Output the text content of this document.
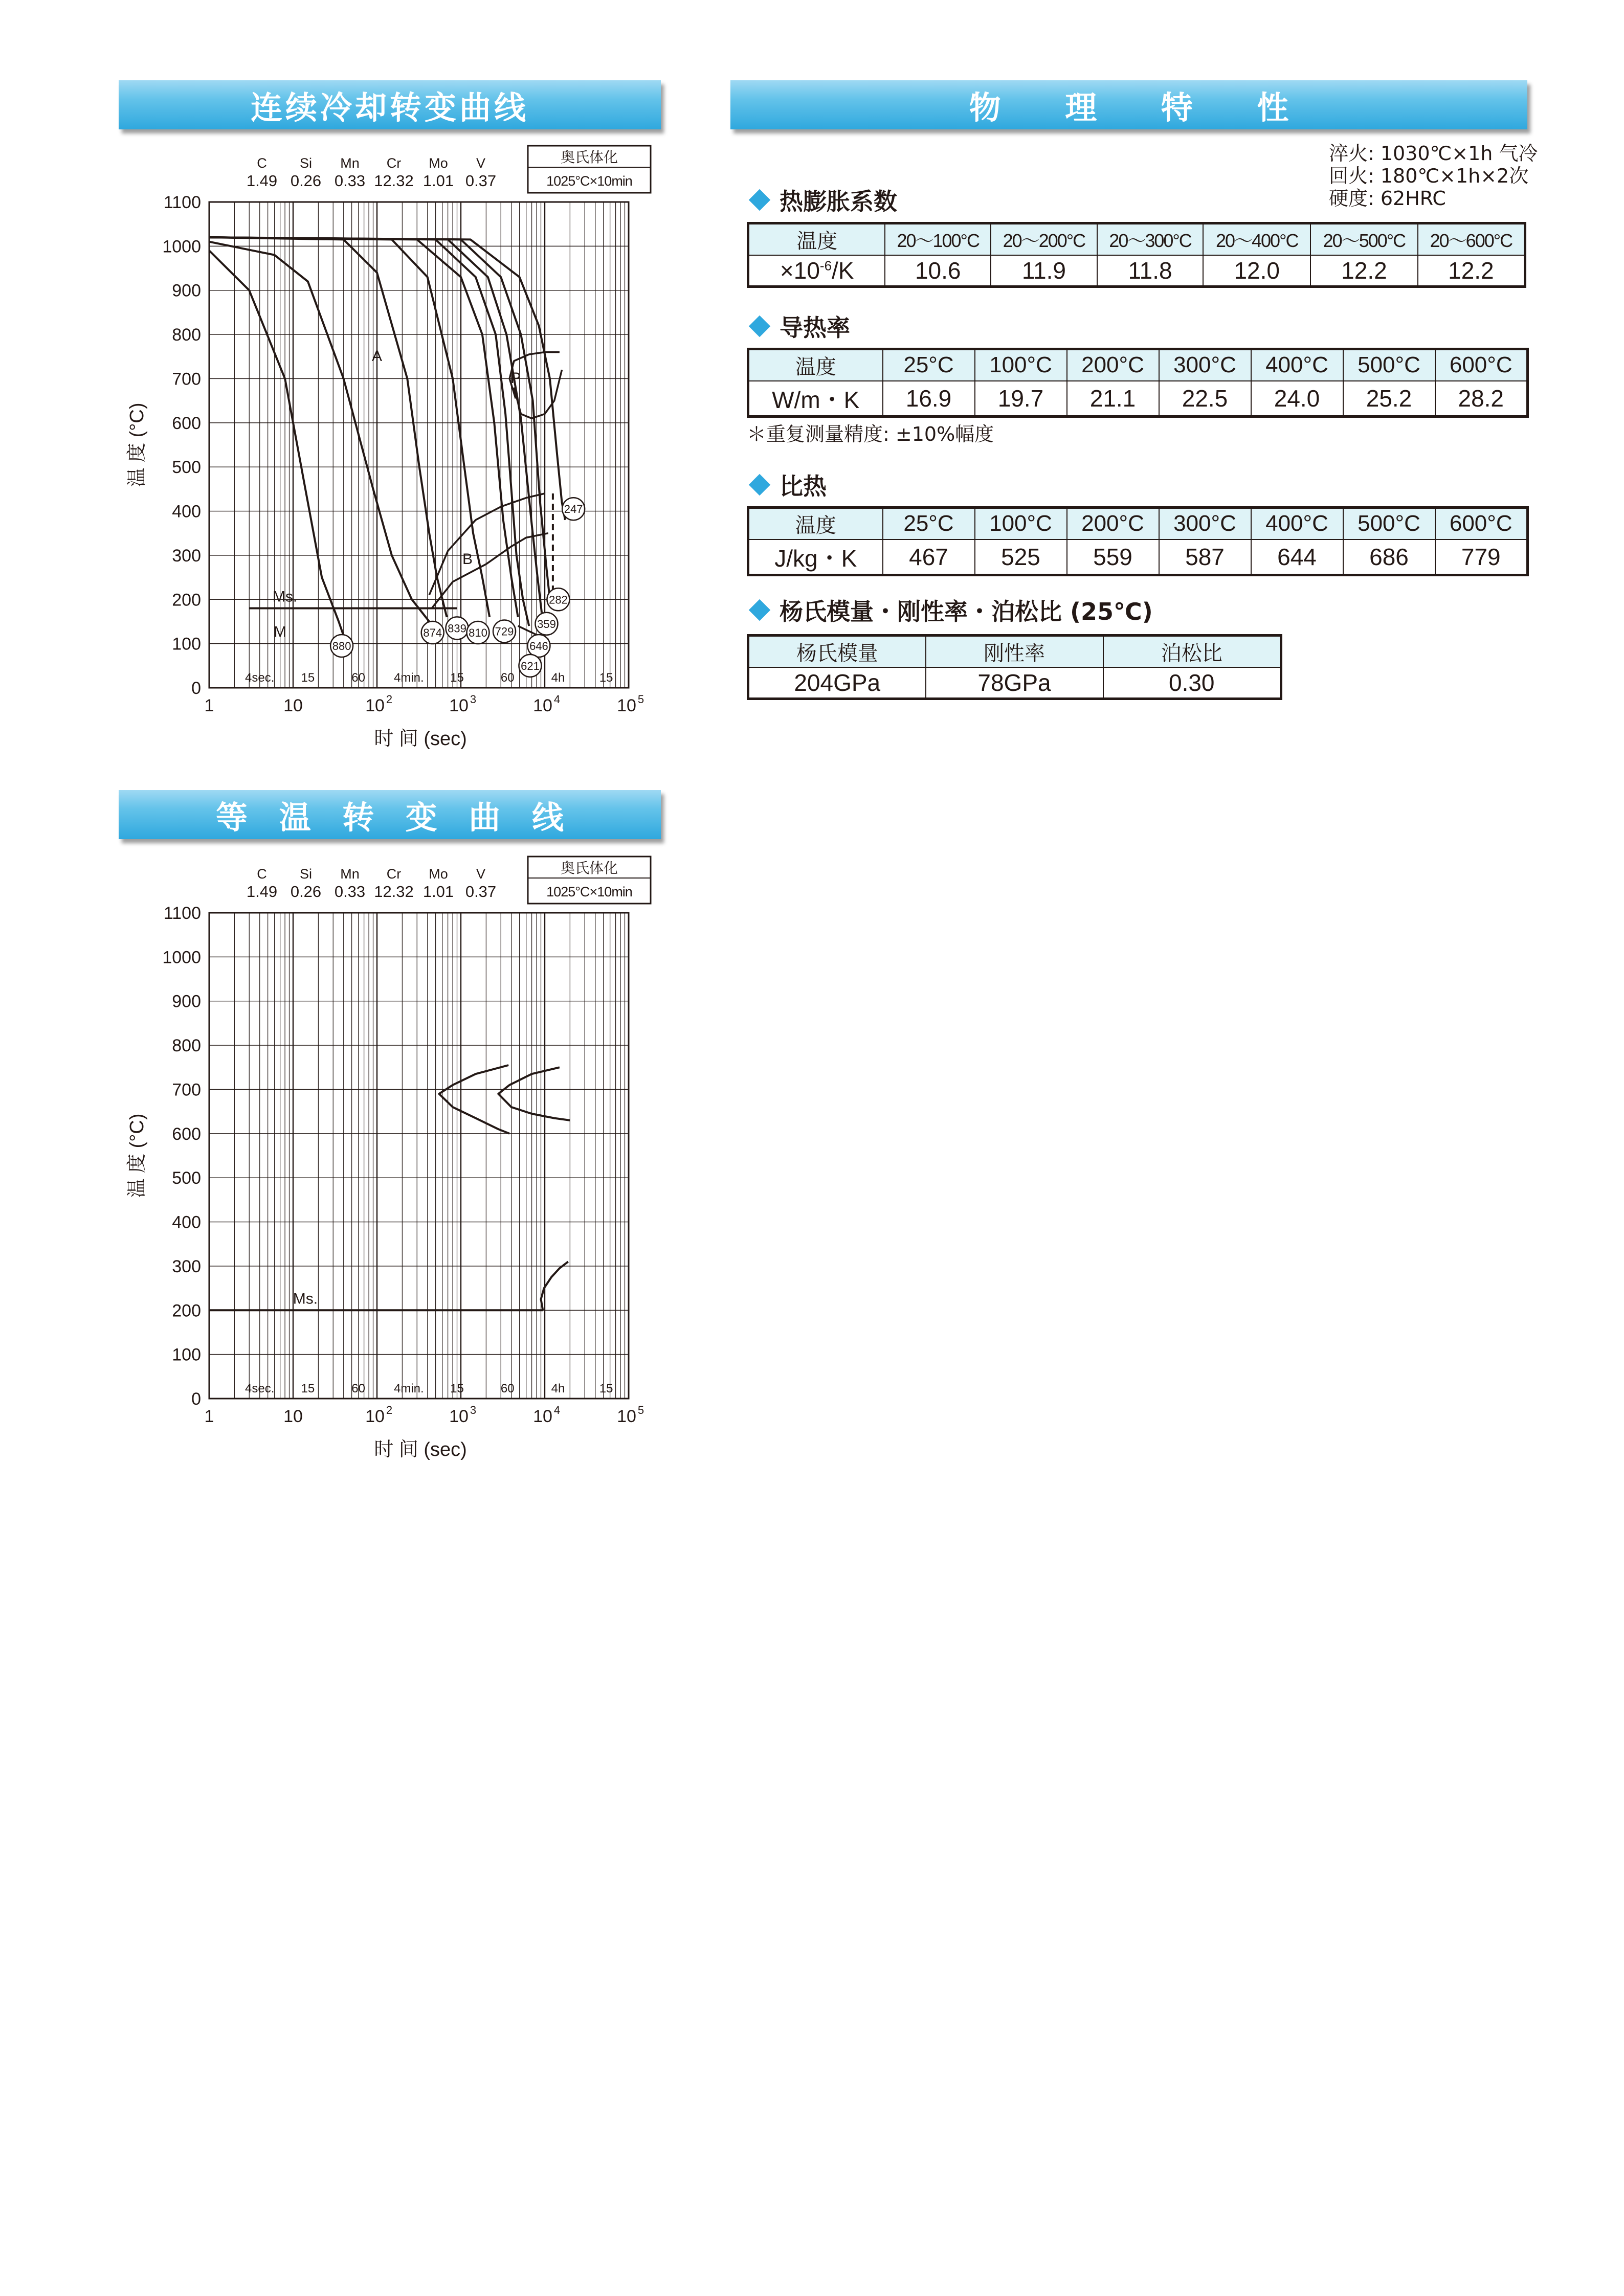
连续冷却转变曲线
C Si Mn Cr Mo V
1.49 0.26 0.33 12.32 1.01 0.37
奥氏体化
1025°C×10min
0
100
200
300
400
500
600
700
800
900
1000
1100
1	10	10 2	10 3	10 4	10 5
4sec. 15	60 4min. 15	60	4h	15
时 间 (sec)
温 度 (°C)
880
874 839 810 729
646
621
359
282
247
A
P
B
Ms.
M
等 温 转 变 曲 线
C Si Mn Cr Mo V
1.49 0.26 0.33 12.32 1.01 0.37
奥氏体化
1025°C×10min
0
100
200
300
400
500
600
700
800
900
1000
1100
1	10	10 2	10 3	10 4	10 5
4sec. 15	60 4min. 15	60	4h	15
时 间 (sec)
温 度 (°C)
Ms.
物 理 特 性
淬火: 1030℃×1h 气冷
回火: 180℃×1h×2次
硬度: 62HRC
热膨胀系数
温度	20～100°C	20～200°C	20～300°C	20～400°C	20～500°C	20～600°C
$\times 10^{-6}/K$	10.6	11.9	11.8	12.0	12.2	12.2
导热率
温度	25°C	100°C	200°C	300°C	400°C	500°C	600°C
W/m・K	16.9	19.7	21.1	22.5	24.0	25.2	28.2
＊重复测量精度: ±10%幅度
比热
温度	25°C	100°C	200°C	300°C	400°C	500°C	600°C
J/kg・K	467	525	559	587	644	686	779
杨氏模量・刚性率・泊松比 (25℃)
杨氏模量	刚性率	泊松比
204GPa	78GPa	0.30
